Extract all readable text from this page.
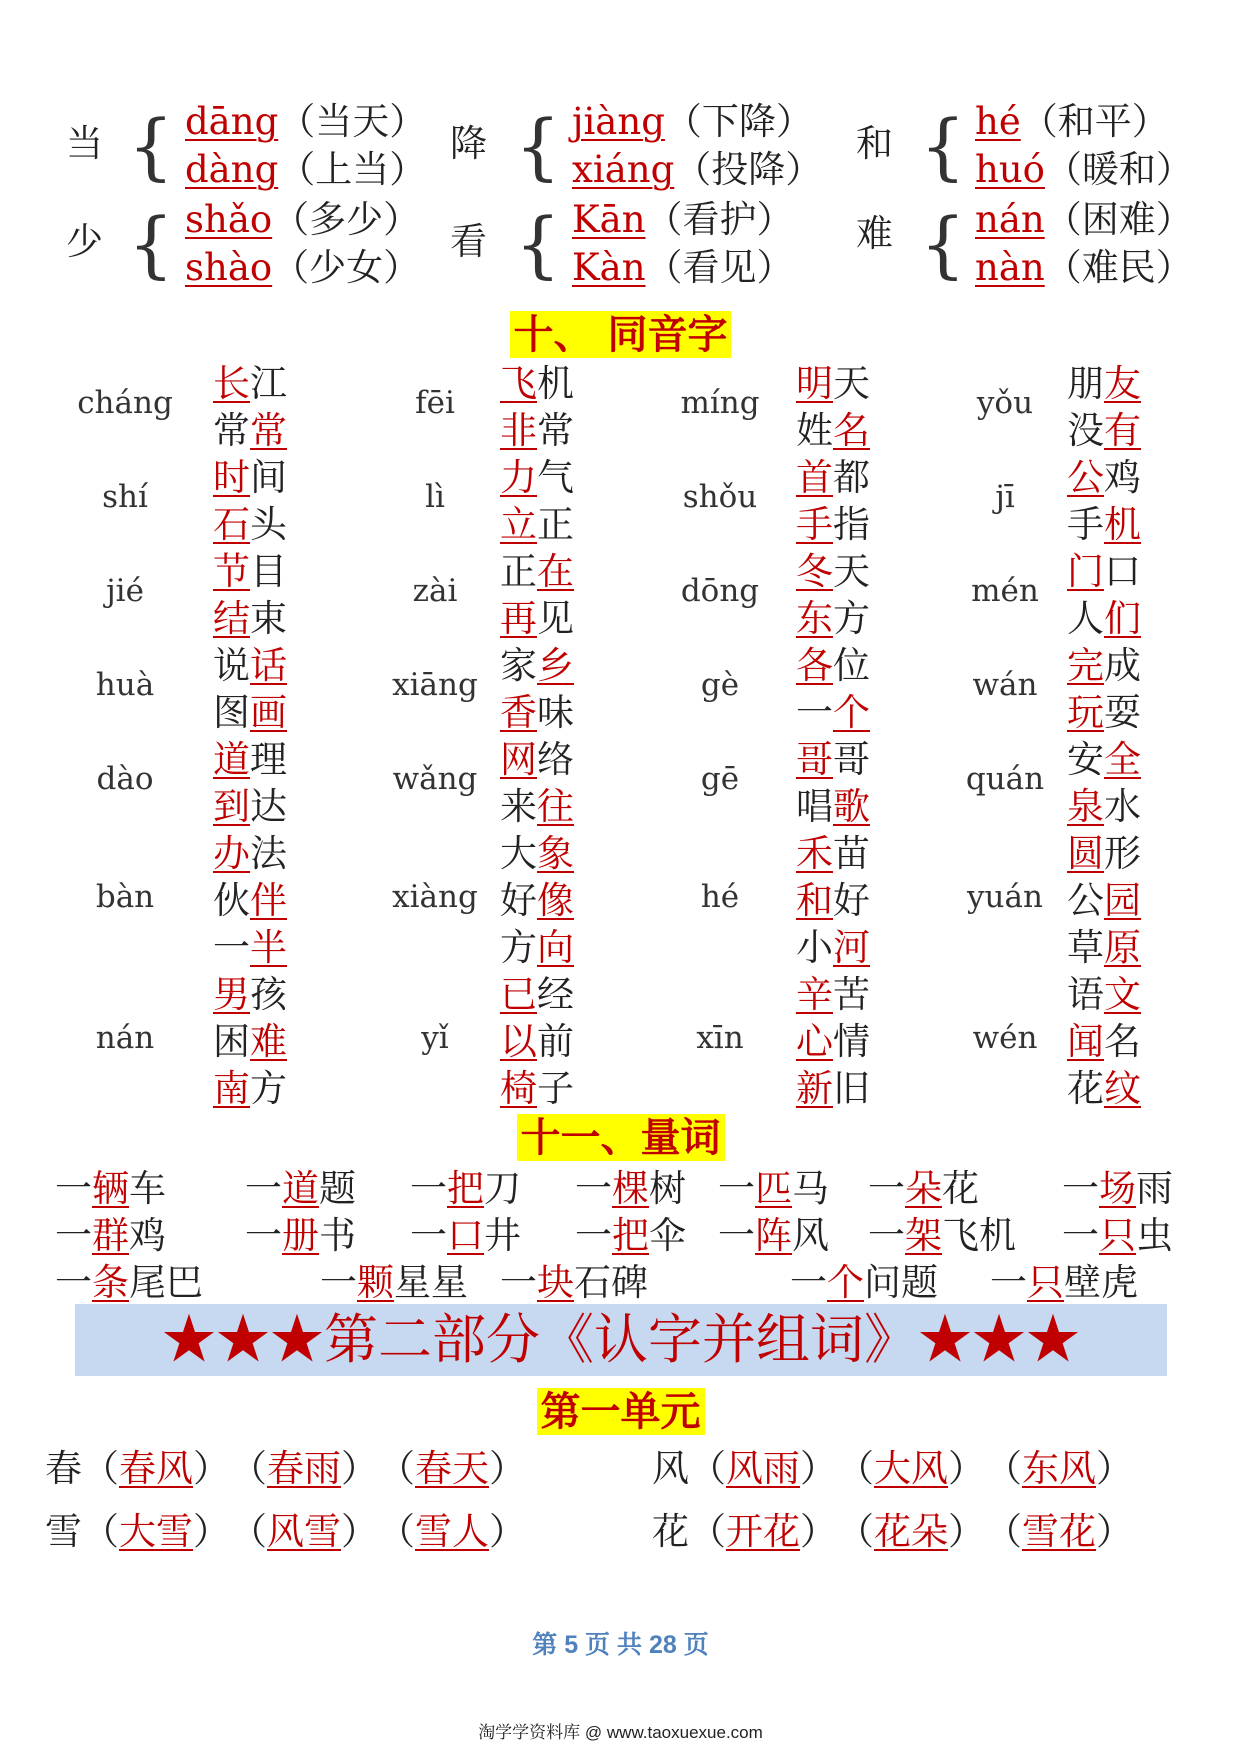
当 { dāng（当天）
dàng（上当）
降 { jiàng（下降）
xiáng（投降）
和 { hé（和平）
huó（暖和）
少 { shǎo（多少）
shào（少女）
看 { Kān（看护）
Kàn（看见）
难 { nán（困难）
nàn（难民）
十、 同音字
cháng 长江
常常
shí	时间
石头
jié	节目
结束
huà	说话
图画
dào	道理
到达
bàn
办法
伙伴
一半
nán
男孩
困难
南方
fēi	飞机
非常
lì	力气
立正
zài	正在
再见
xiāng 家乡
香味
wǎng 网络
来往
xiàng
大象
好像
方向
yǐ
已经
以前
椅子
míng 明天
姓名
shǒu	首都
手指
dōng 冬天
东方
gè	各位
一个
gē	哥哥
唱歌
hé
禾苗
和好
小河
xīn
辛苦
心情
新旧
yǒu 朋友
没有
jī	公鸡
手机
mén 门口
人们
wán 完成
玩耍
quán 安全
泉水
yuán
圆形
公园
草原
wén
语文
闻名
花纹
十一、量词
一辆车 一道题 一把刀 一棵树 一匹马 一朵花 一场雨
一群鸡 一册书 一口井 一把伞 一阵风 一架飞机 一只虫
一条尾巴	一颗星星 一块石碑	一个问题 一只壁虎
★★★第二部分《认字并组词》★★★
第一单元
春（春风）　（春雨）　（春天）	风（风雨）　（大风）　（东风）
雪（大雪）　（风雪）　（雪人）	花（开花）　（花朵）　（雪花）
第 5 页 共 28 页
淘学学资料库 @ www.taoxuexue.com
